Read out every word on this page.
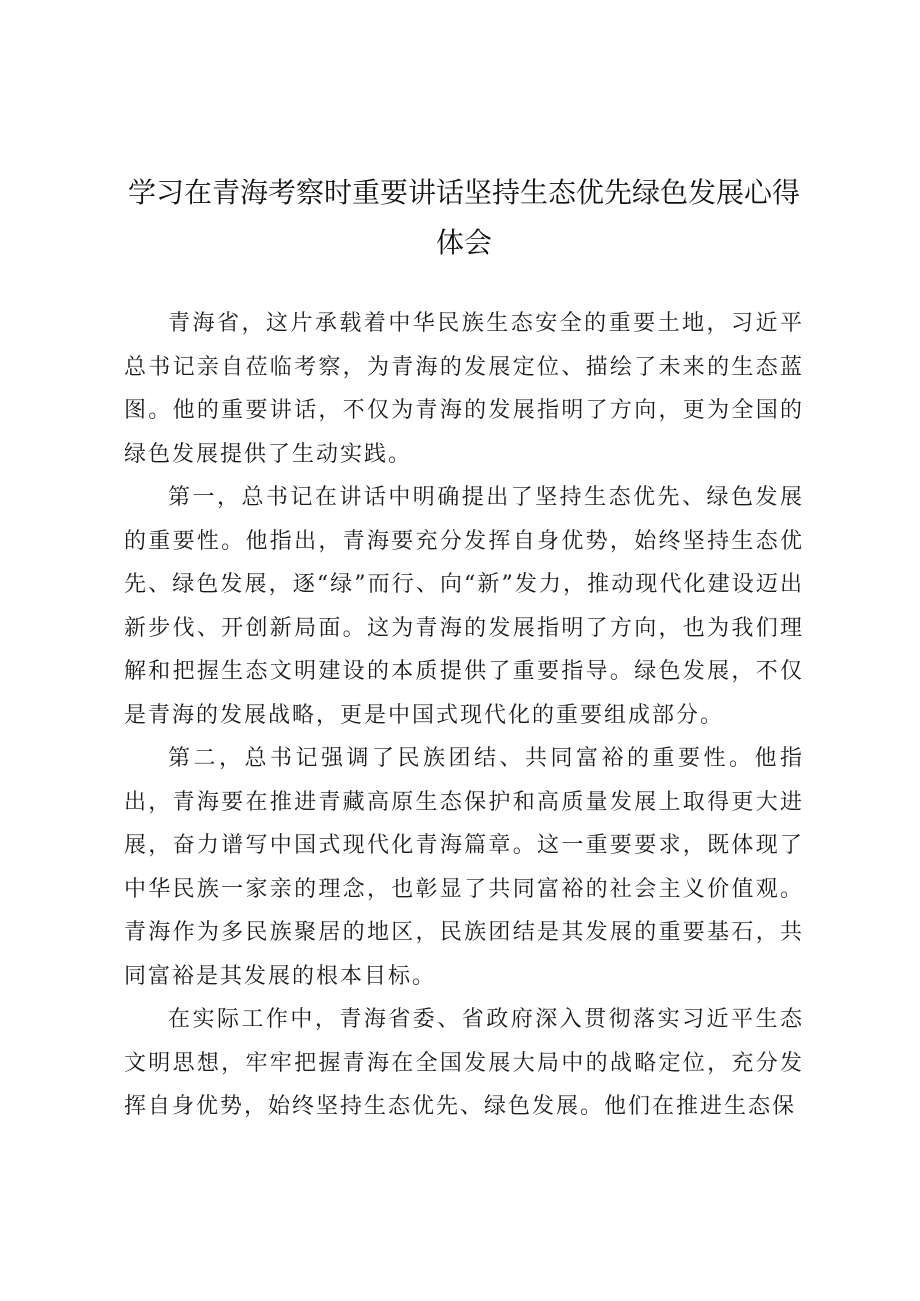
学习在青海考察时重要讲话坚持生态优先绿色发展心得体会

青海省，这片承载着中华民族生态安全的重要土地，习近平总书记亲自莅临考察，为青海的发展定位、描绘了未来的生态蓝图。他的重要讲话，不仅为青海的发展指明了方向，更为全国的绿色发展提供了生动实践。

第一，总书记在讲话中明确提出了坚持生态优先、绿色发展的重要性。他指出，青海要充分发挥自身优势，始终坚持生态优先、绿色发展，逐“绿”而行、向“新”发力，推动现代化建设迈出新步伐、开创新局面。这为青海的发展指明了方向，也为我们理解和把握生态文明建设的本质提供了重要指导。绿色发展，不仅是青海的发展战略，更是中国式现代化的重要组成部分。

第二，总书记强调了民族团结、共同富裕的重要性。他指出，青海要在推进青藏高原生态保护和高质量发展上取得更大进展，奋力谱写中国式现代化青海篇章。这一重要要求，既体现了中华民族一家亲的理念，也彰显了共同富裕的社会主义价值观。青海作为多民族聚居的地区，民族团结是其发展的重要基石，共同富裕是其发展的根本目标。

在实际工作中，青海省委、省政府深入贯彻落实习近平生态文明思想，牢牢把握青海在全国发展大局中的战略定位，充分发挥自身优势，始终坚持生态优先、绿色发展。他们在推进生态保
